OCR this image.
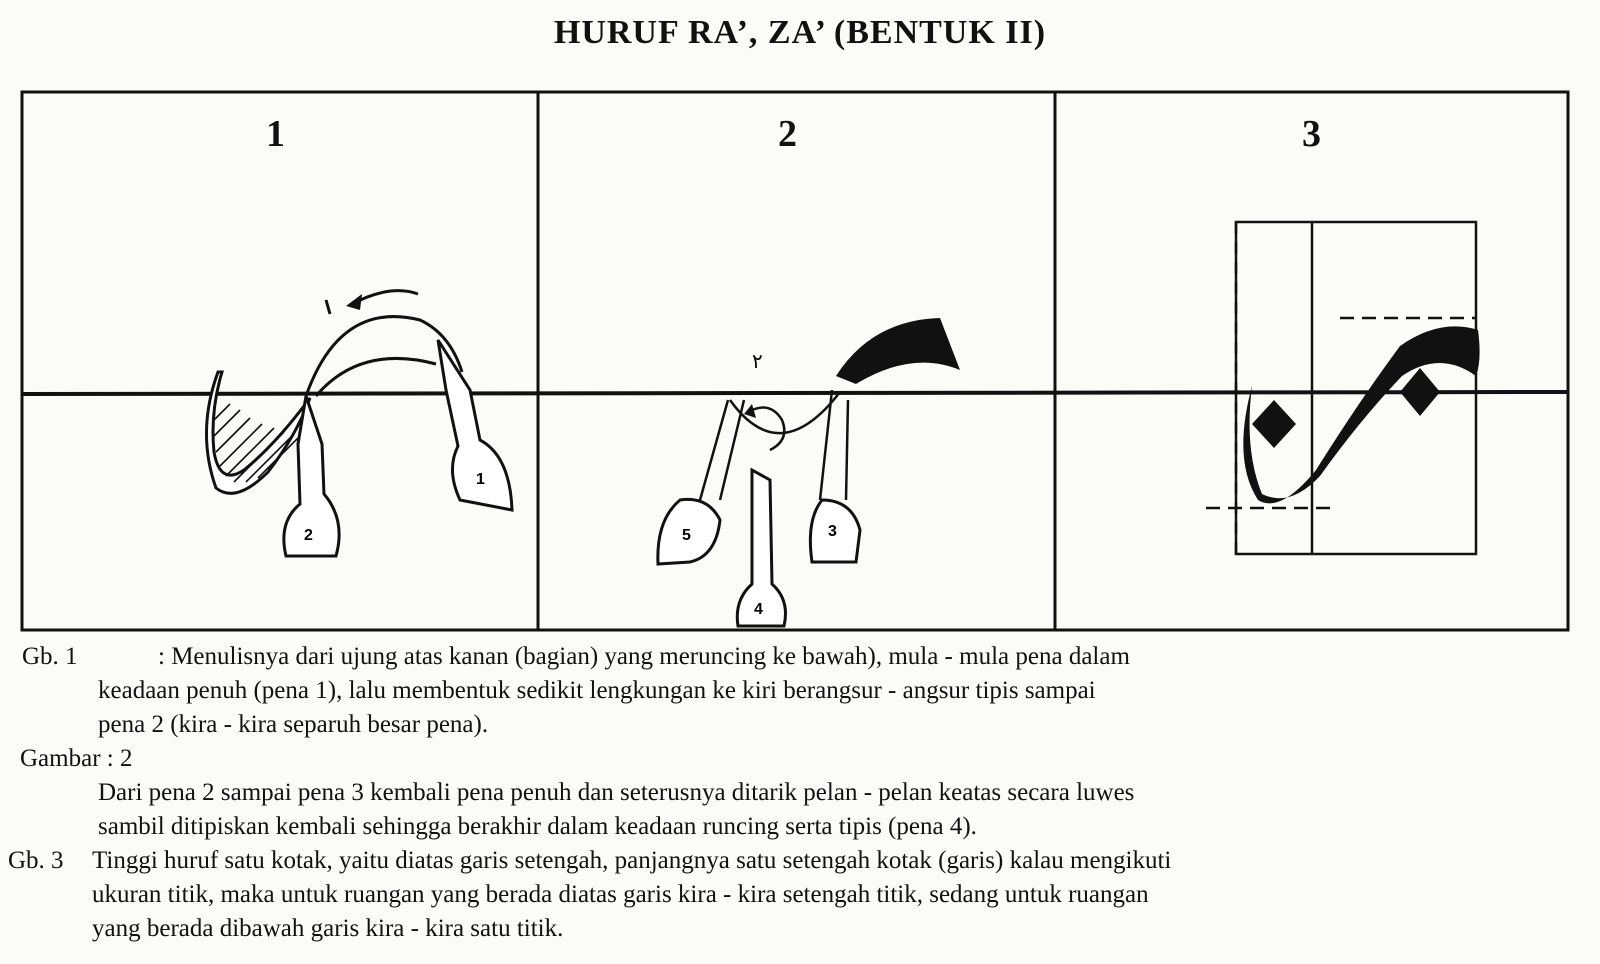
HURUF RA’, ZA’ (BENTUK II)
1
2
٢
5
4
3
1	2	3
Gb. 1	: Menulisnya dari ujung atas kanan (bagian) yang meruncing ke bawah), mula - mula pena dalam
keadaan penuh (pena 1), lalu membentuk sedikit lengkungan ke kiri berangsur - angsur tipis sampai
pena 2 (kira - kira separuh besar pena).
Gambar : 2
Dari pena 2 sampai pena 3 kembali pena penuh dan seterusnya ditarik pelan - pelan keatas secara luwes
sambil ditipiskan kembali sehingga berakhir dalam keadaan runcing serta tipis (pena 4).
Gb. 3 Tinggi huruf satu kotak, yaitu diatas garis setengah, panjangnya satu setengah kotak (garis) kalau mengikuti
ukuran titik, maka untuk ruangan yang berada diatas garis kira - kira setengah titik, sedang untuk ruangan
yang berada dibawah garis kira - kira satu titik.
